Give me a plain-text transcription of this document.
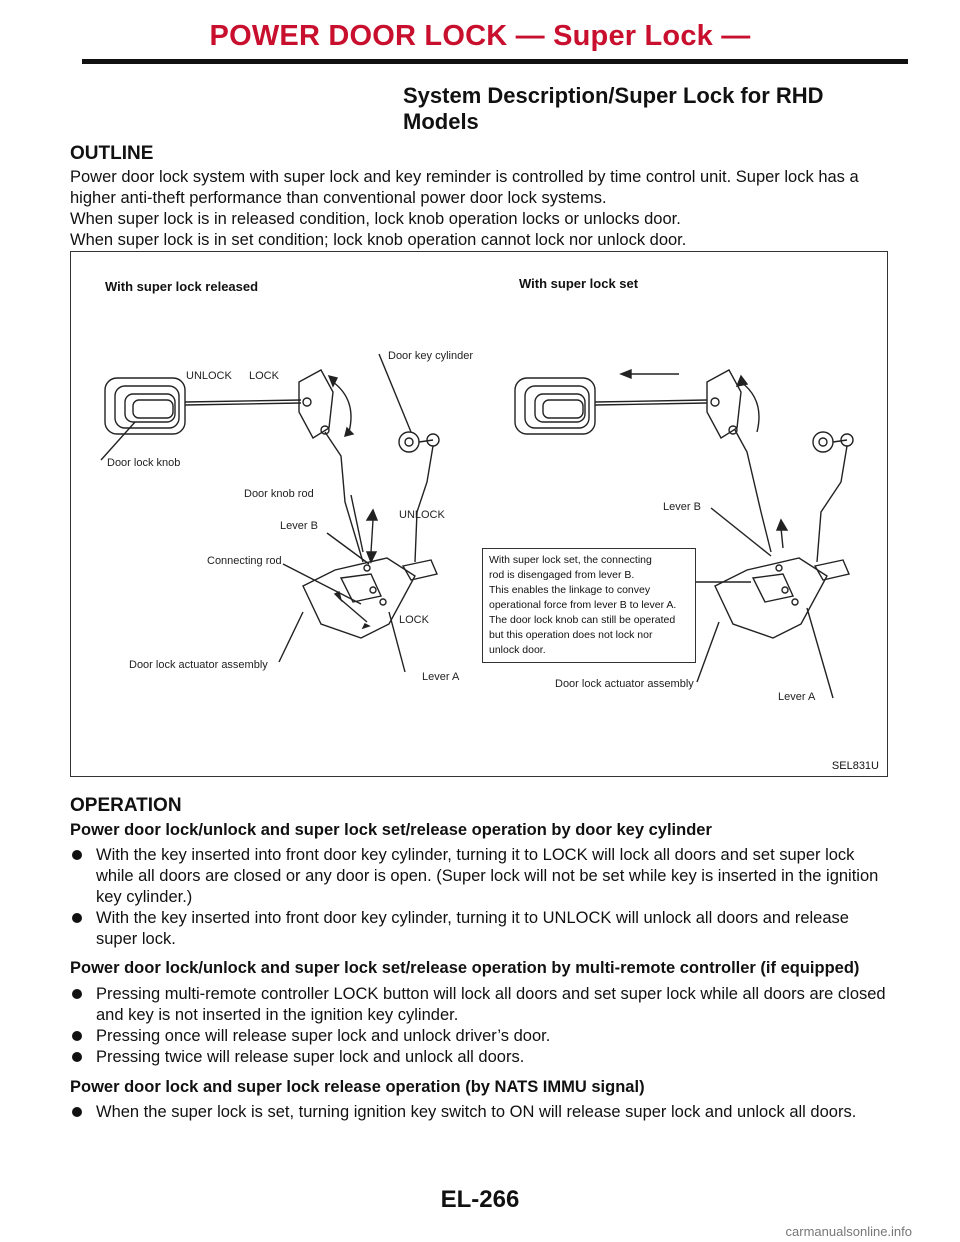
POWER DOOR LOCK — Super Lock —
System Description/Super Lock for RHD
Models
OUTLINE

Power door lock system with super lock and key reminder is controlled by time control unit. Super lock has a higher anti-theft performance than conventional power door lock systems.

When super lock is in released condition, lock knob operation locks or unlocks door.

When super lock is in set condition; lock knob operation cannot lock nor unlock door.

With super lock released	With super lock set
UNLOCK LOCK
Door key cylinder
Door lock knob
Door knob rod
Lever B
UNLOCK
Connecting rod
LOCK
Door lock actuator assembly
Lever A
Lever B
Door lock actuator assembly
Lever A
With super lock set, the connecting
rod is disengaged from lever B.
This enables the linkage to convey
operational force from lever B to lever A.
The door lock knob can still be operated
but this operation does not lock nor
unlock door.
SEL831U
OPERATION
Power door lock/unlock and super lock set/release operation by door key cylinder
With the key inserted into front door key cylinder, turning it to LOCK will lock all doors and set super lock while all doors are closed or any door is open. (Super lock will not be set while key is inserted in the ignition key cylinder.)
With the key inserted into front door key cylinder, turning it to UNLOCK will unlock all doors and release super lock.
Power door lock/unlock and super lock set/release operation by multi-remote controller (if equipped)
Pressing multi-remote controller LOCK button will lock all doors and set super lock while all doors are closed and key is not inserted in the ignition key cylinder.
Pressing once will release super lock and unlock driver’s door.
Pressing twice will release super lock and unlock all doors.
Power door lock and super lock release operation (by NATS IMMU signal)
When the super lock is set, turning ignition key switch to ON will release super lock and unlock all doors.
EL-266
carmanualsonline.info
